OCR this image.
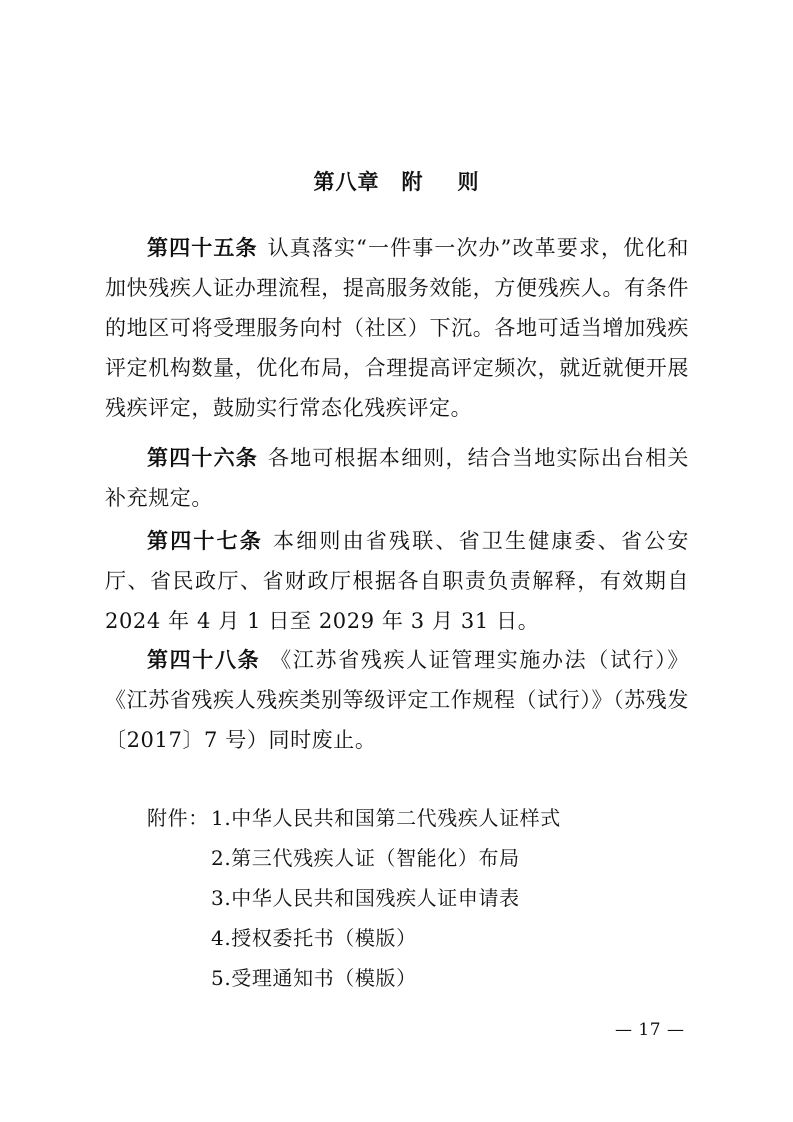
第八章 附 则

第四十五条 认真落实“一件事一次办”改革要求，优化和加快残疾人证办理流程，提高服务效能，方便残疾人。有条件的地区可将受理服务向村（社区）下沉。各地可适当增加残疾评定机构数量，优化布局，合理提高评定频次，就近就便开展残疾评定，鼓励实行常态化残疾评定。

第四十六条 各地可根据本细则，结合当地实际出台相关补充规定。

第四十七条 本细则由省残联、省卫生健康委、省公安厅、省民政厅、省财政厅根据各自职责负责解释，有效期自 2024 年 4 月 1 日至 2029 年 3 月 31 日。

第四十八条 《江苏省残疾人证管理实施办法（试行）》《江苏省残疾人残疾类别等级评定工作规程（试行）》（苏残发〔2017〕7 号）同时废止。

附件： 1.中华人民共和国第二代残疾人证样式
2.第三代残疾人证（智能化）布局
3.中华人民共和国残疾人证申请表
4.授权委托书（模版）
5.受理通知书（模版）
— 17 —
